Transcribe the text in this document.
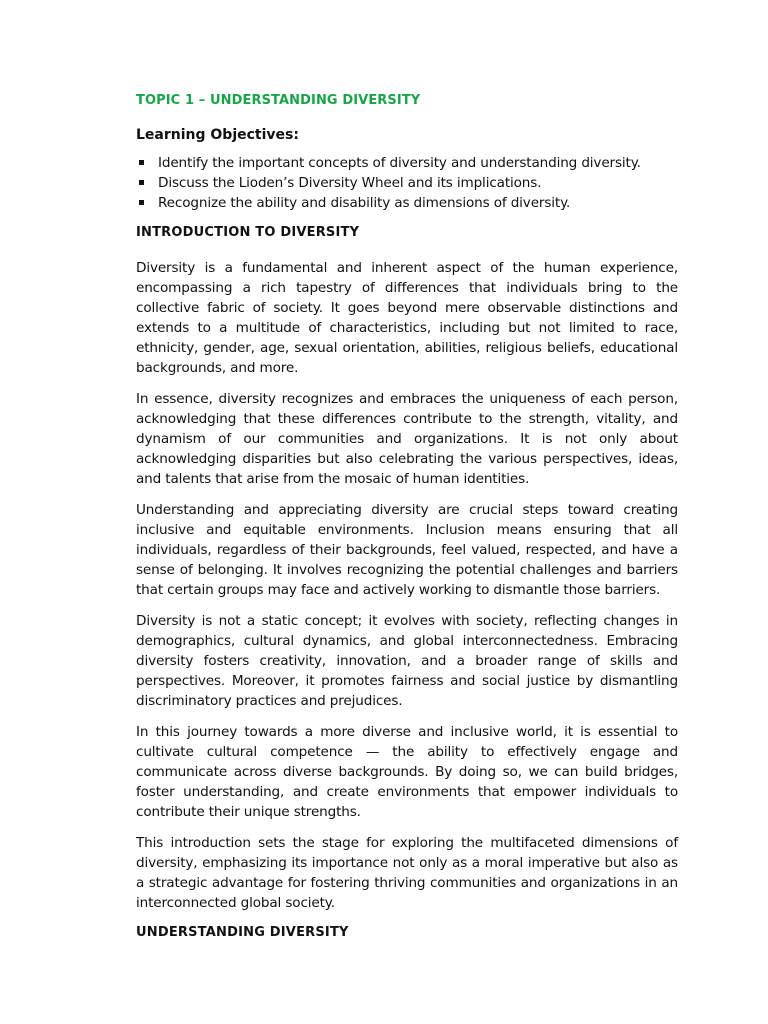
TOPIC 1 – UNDERSTANDING DIVERSITY
Learning Objectives:
Identify the important concepts of diversity and understanding diversity.
Discuss the Lioden’s Diversity Wheel and its implications.
Recognize the ability and disability as dimensions of diversity.
INTRODUCTION TO DIVERSITY

Diversity is a fundamental and inherent aspect of the human experience, encompassing a rich tapestry of differences that individuals bring to the collective fabric of society. It goes beyond mere observable distinctions and extends to a multitude of characteristics, including but not limited to race, ethnicity, gender, age, sexual orientation, abilities, religious beliefs, educational backgrounds, and more.

In essence, diversity recognizes and embraces the uniqueness of each person, acknowledging that these differences contribute to the strength, vitality, and dynamism of our communities and organizations. It is not only about acknowledging disparities but also celebrating the various perspectives, ideas, and talents that arise from the mosaic of human identities.

Understanding and appreciating diversity are crucial steps toward creating inclusive and equitable environments. Inclusion means ensuring that all individuals, regardless of their backgrounds, feel valued, respected, and have a sense of belonging. It involves recognizing the potential challenges and barriers that certain groups may face and actively working to dismantle those barriers.

Diversity is not a static concept; it evolves with society, reflecting changes in demographics, cultural dynamics, and global interconnectedness. Embracing diversity fosters creativity, innovation, and a broader range of skills and perspectives. Moreover, it promotes fairness and social justice by dismantling discriminatory practices and prejudices.

In this journey towards a more diverse and inclusive world, it is essential to cultivate cultural competence — the ability to effectively engage and communicate across diverse backgrounds. By doing so, we can build bridges, foster understanding, and create environments that empower individuals to contribute their unique strengths.

This introduction sets the stage for exploring the multifaceted dimensions of diversity, emphasizing its importance not only as a moral imperative but also as a strategic advantage for fostering thriving communities and organizations in an interconnected global society.

UNDERSTANDING DIVERSITY
